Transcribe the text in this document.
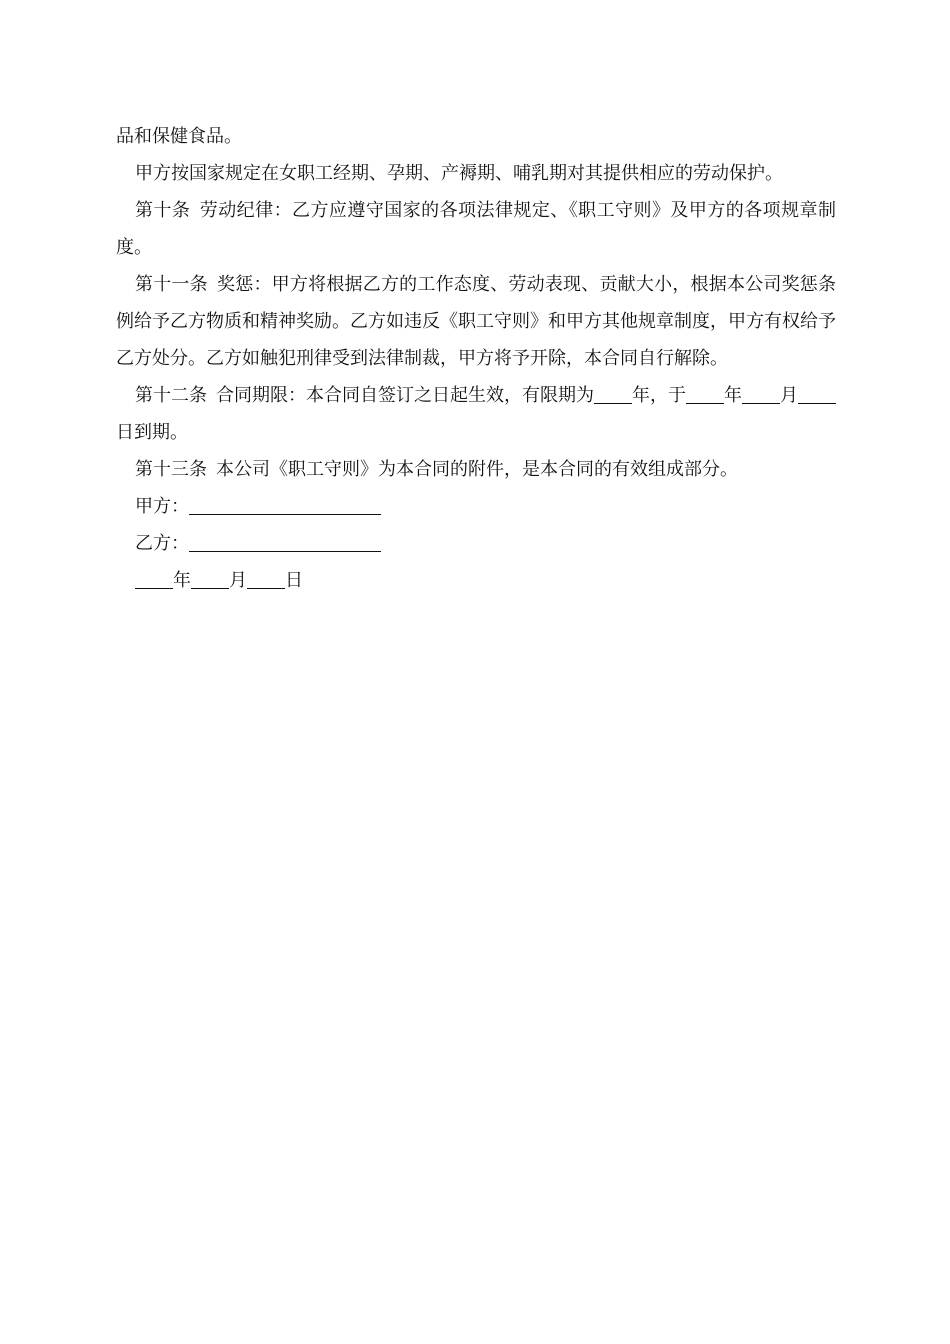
品和保健食品。

甲方按国家规定在女职工经期、孕期、产褥期、哺乳期对其提供相应的劳动保护。

第十条 劳动纪律：乙方应遵守国家的各项法律规定、《职工守则》及甲方的各项规章制度。

第十一条 奖惩：甲方将根据乙方的工作态度、劳动表现、贡献大小，根据本公司奖惩条例给予乙方物质和精神奖励。乙方如违反《职工守则》和甲方其他规章制度，甲方有权给予乙方处分。乙方如触犯刑律受到法律制裁，甲方将予开除，本合同自行解除。

第十二条 合同期限：本合同自签订之日起生效，有限期为 年，于 年 月日到期。

第十三条 本公司《职工守则》为本合同的附件，是本合同的有效组成部分。

甲方：

乙方：

年 月 日
